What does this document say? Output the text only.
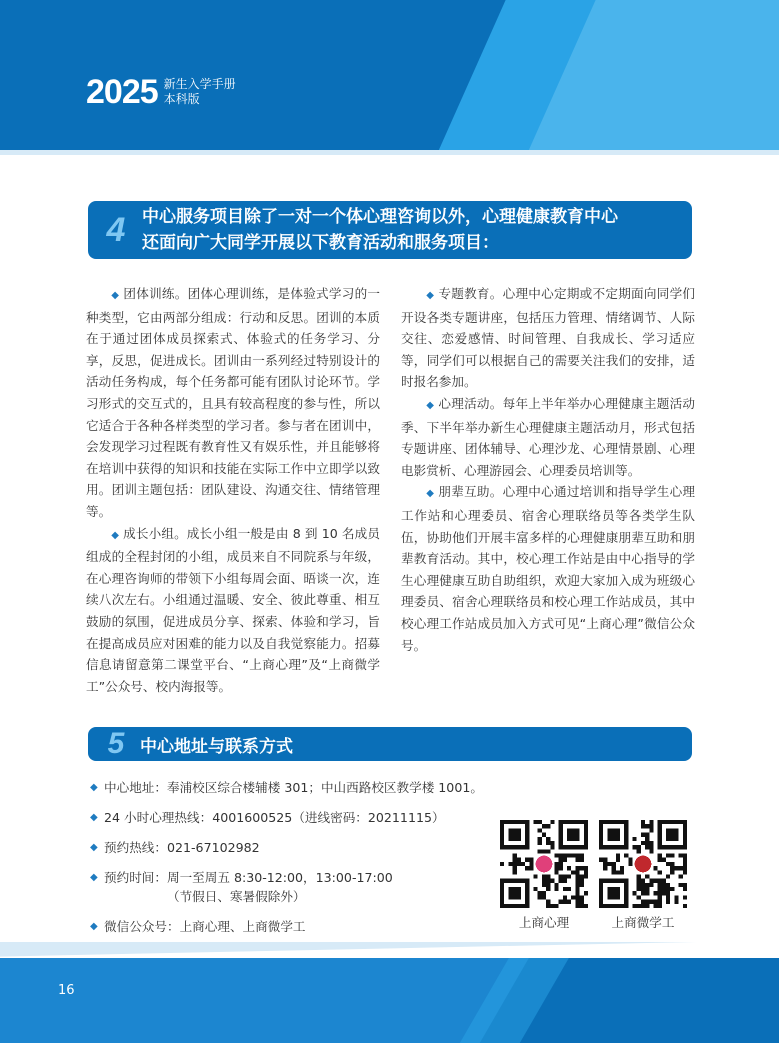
2025 新生入学手册
本科版
4 中心服务项目除了一对一个体心理咨询以外，心理健康教育中心
还面向广大同学开展以下教育活动和服务项目：

◆ 团体训练。团体心理训练，是体验式学习的一种类型，它由两部分组成：行动和反思。团训的本质在于通过团体成员探索式、体验式的任务学习、分享，反思，促进成长。团训由一系列经过特别设计的活动任务构成，每个任务都可能有团队讨论环节。学习形式的交互式的，且具有较高程度的参与性，所以它适合于各种各样类型的学习者。参与者在团训中，会发现学习过程既有教育性又有娱乐性，并且能够将在培训中获得的知识和技能在实际工作中立即学以致用。团训主题包括：团队建设、沟通交往、情绪管理等。

◆ 成长小组。成长小组一般是由 8 到 10 名成员组成的全程封闭的小组，成员来自不同院系与年级，在心理咨询师的带领下小组每周会面、晤谈一次，连续八次左右。小组通过温暖、安全、彼此尊重、相互鼓励的氛围，促进成员分享、探索、体验和学习，旨在提高成员应对困难的能力以及自我觉察能力。招募信息请留意第二课堂平台、“上商心理”及“上商微学工”公众号、校内海报等。

◆ 专题教育。心理中心定期或不定期面向同学们开设各类专题讲座，包括压力管理、情绪调节、人际交往、恋爱感情、时间管理、自我成长、学习适应等，同学们可以根据自己的需要关注我们的安排，适时报名参加。

◆ 心理活动。每年上半年举办心理健康主题活动季、下半年举办新生心理健康主题活动月，形式包括专题讲座、团体辅导、心理沙龙、心理情景剧、心理电影赏析、心理游园会、心理委员培训等。

◆ 朋辈互助。心理中心通过培训和指导学生心理工作站和心理委员、宿舍心理联络员等各类学生队伍，协助他们开展丰富多样的心理健康朋辈互助和朋辈教育活动。其中，校心理工作站是由中心指导的学生心理健康互助自助组织，欢迎大家加入成为班级心理委员、宿舍心理联络员和校心理工作站成员，其中校心理工作站成员加入方式可见“上商心理”微信公众号。

5 中心地址与联系方式
◆ 中心地址： 奉浦校区综合楼辅楼 301；中山西路校区教学楼 1001。
◆ 24 小时心理热线： 4001600525（进线密码：20211115）
◆ 预约热线： 021-67102982
◆ 预约时间： 周一至周五 8:30-12:00，13:00-17:00
（节假日、寒暑假除外）
◆ 微信公众号： 上商心理、上商微学工	上商心理	上商微学工
16
